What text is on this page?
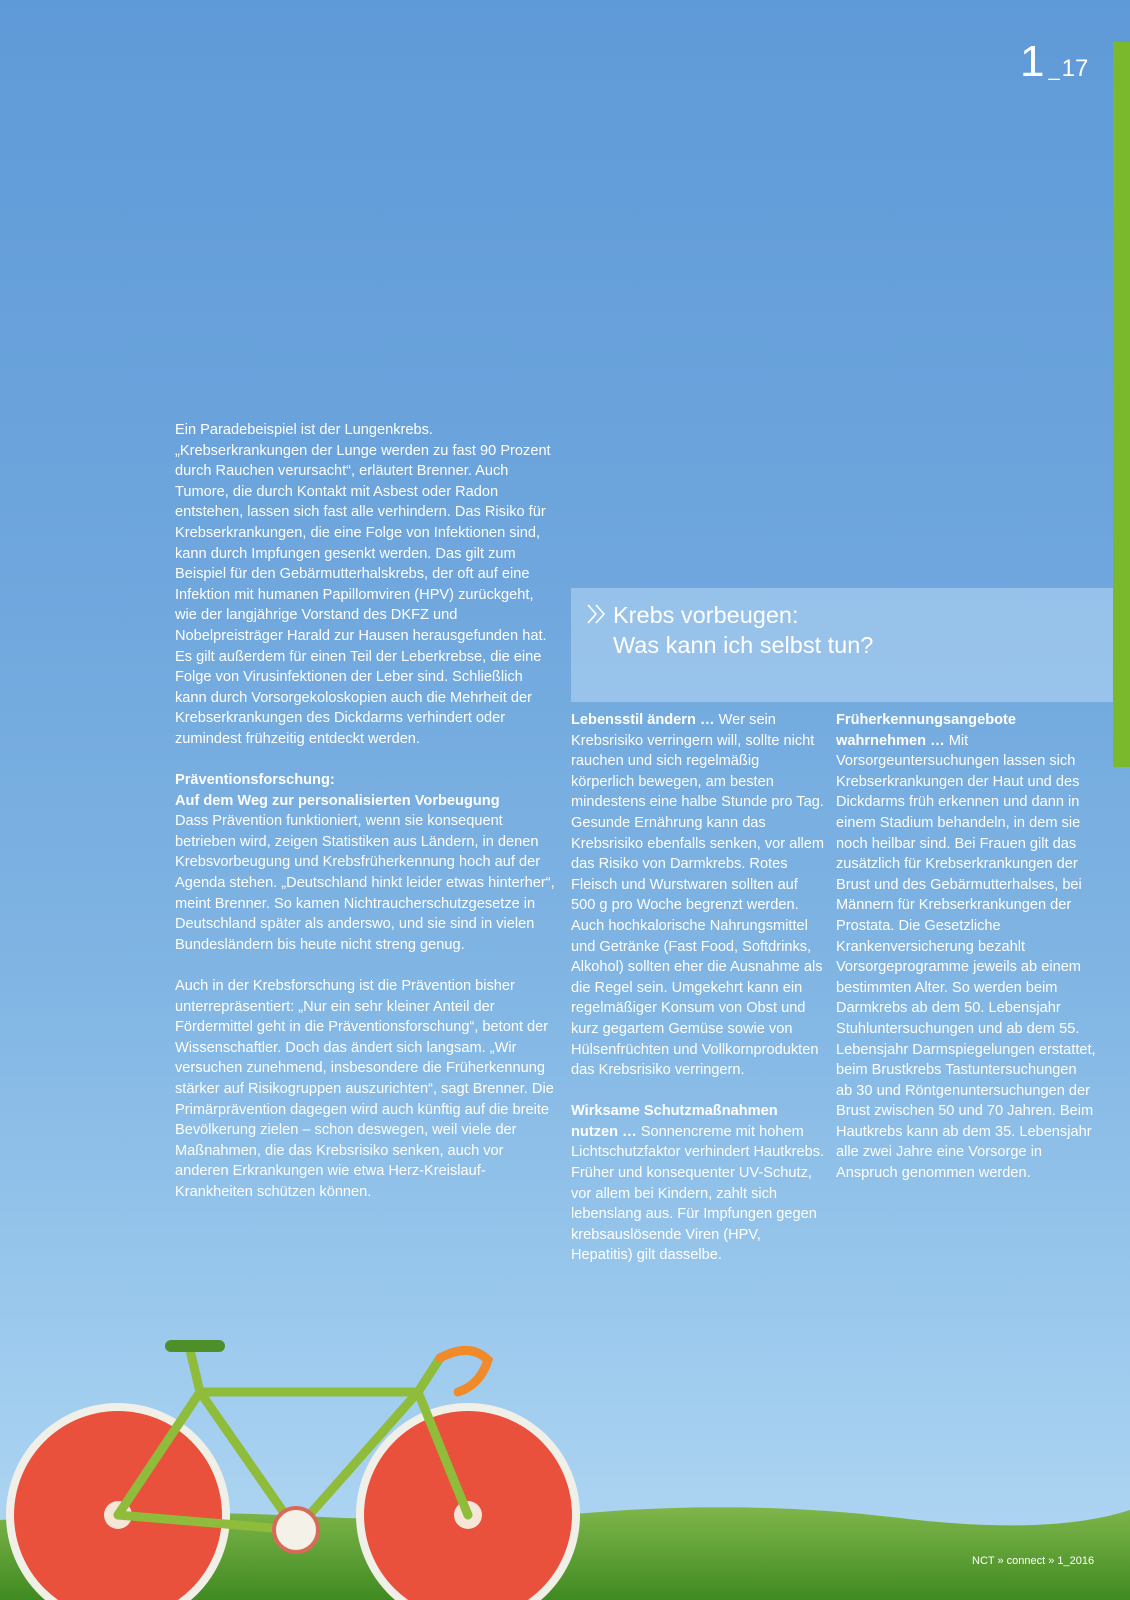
1 _17

Ein Paradebeispiel ist der Lungenkrebs. „Krebserkrankungen der Lunge werden zu fast 90 Prozent durch Rauchen verursacht“, erläutert Brenner. Auch Tumore, die durch Kontakt mit Asbest oder Radon entstehen, lassen sich fast alle verhindern. Das Risiko für Krebserkrankungen, die eine Folge von Infektionen sind, kann durch Impfungen gesenkt werden. Das gilt zum Beispiel für den Gebärmutterhalskrebs, der oft auf eine Infektion mit humanen Papillomviren (HPV) zurückgeht, wie der langjährige Vorstand des DKFZ und Nobelpreisträger Harald zur Hausen herausgefunden hat. Es gilt außerdem für einen Teil der Leberkrebse, die eine Folge von Virusinfektionen der Leber sind. Schließlich kann durch Vorsorgekoloskopien auch die Mehrheit der Krebserkrankungen des Dickdarms verhindert oder zumindest frühzeitig entdeckt werden.

Präventionsforschung:
Auf dem Weg zur personalisierten Vorbeugung

Dass Prävention funktioniert, wenn sie konsequent betrieben wird, zeigen Statistiken aus Ländern, in denen Krebsvorbeugung und Krebsfrüherkennung hoch auf der Agenda stehen. „Deutschland hinkt leider etwas hinterher“, meint Brenner. So kamen Nichtraucherschutzgesetze in Deutschland später als anderswo, und sie sind in vielen Bundesländern bis heute nicht streng genug.

Auch in der Krebsforschung ist die Prävention bisher unterrepräsentiert: „Nur ein sehr kleiner Anteil der Fördermittel geht in die Präventionsforschung“, betont der Wissenschaftler. Doch das ändert sich langsam. „Wir versuchen zunehmend, insbesondere die Früherkennung stärker auf Risikogruppen auszurichten“, sagt Brenner. Die Primärprävention dagegen wird auch künftig auf die breite Bevölkerung zielen – schon deswegen, weil viele der Maßnahmen, die das Krebsrisiko senken, auch vor anderen Erkrankungen wie etwa Herz-Kreislauf-Krankheiten schützen können.

Krebs vorbeugen:
Was kann ich selbst tun?

Lebensstil ändern … Wer sein Krebsrisiko verringern will, sollte nicht rauchen und sich regelmäßig körperlich bewegen, am besten mindestens eine halbe Stunde pro Tag. Gesunde Ernährung kann das Krebsrisiko ebenfalls senken, vor allem das Risiko von Darmkrebs. Rotes Fleisch und Wurstwaren sollten auf 500 g pro Woche begrenzt werden. Auch hochkalorische Nahrungsmittel und Getränke (Fast Food, Softdrinks, Alkohol) sollten eher die Ausnahme als die Regel sein. Umgekehrt kann ein regelmäßiger Konsum von Obst und kurz gegartem Gemüse sowie von Hülsenfrüchten und Vollkornprodukten das Krebsrisiko verringern.

Wirksame Schutzmaßnahmen nutzen … Sonnencreme mit hohem Lichtschutzfaktor verhindert Hautkrebs. Früher und konsequenter UV-Schutz, vor allem bei Kindern, zahlt sich lebenslang aus. Für Impfungen gegen krebsauslösende Viren (HPV, Hepatitis) gilt dasselbe.

Früherkennungsangebote wahrnehmen … Mit Vorsorgeuntersuchungen lassen sich Krebserkrankungen der Haut und des Dickdarms früh erkennen und dann in einem Stadium behandeln, in dem sie noch heilbar sind. Bei Frauen gilt das zusätzlich für Krebserkrankungen der Brust und des Gebärmutterhalses, bei Männern für Krebserkrankungen der Prostata. Die Gesetzliche Krankenversicherung bezahlt Vorsorgeprogramme jeweils ab einem bestimmten Alter. So werden beim Darmkrebs ab dem 50. Lebensjahr Stuhluntersuchungen und ab dem 55. Lebensjahr Darmspiegelungen erstattet, beim Brustkrebs Tastuntersuchungen ab 30 und Röntgenuntersuchungen der Brust zwischen 50 und 70 Jahren. Beim Hautkrebs kann ab dem 35. Lebensjahr alle zwei Jahre eine Vorsorge in Anspruch genommen werden.

NCT » connect » 1_2016
